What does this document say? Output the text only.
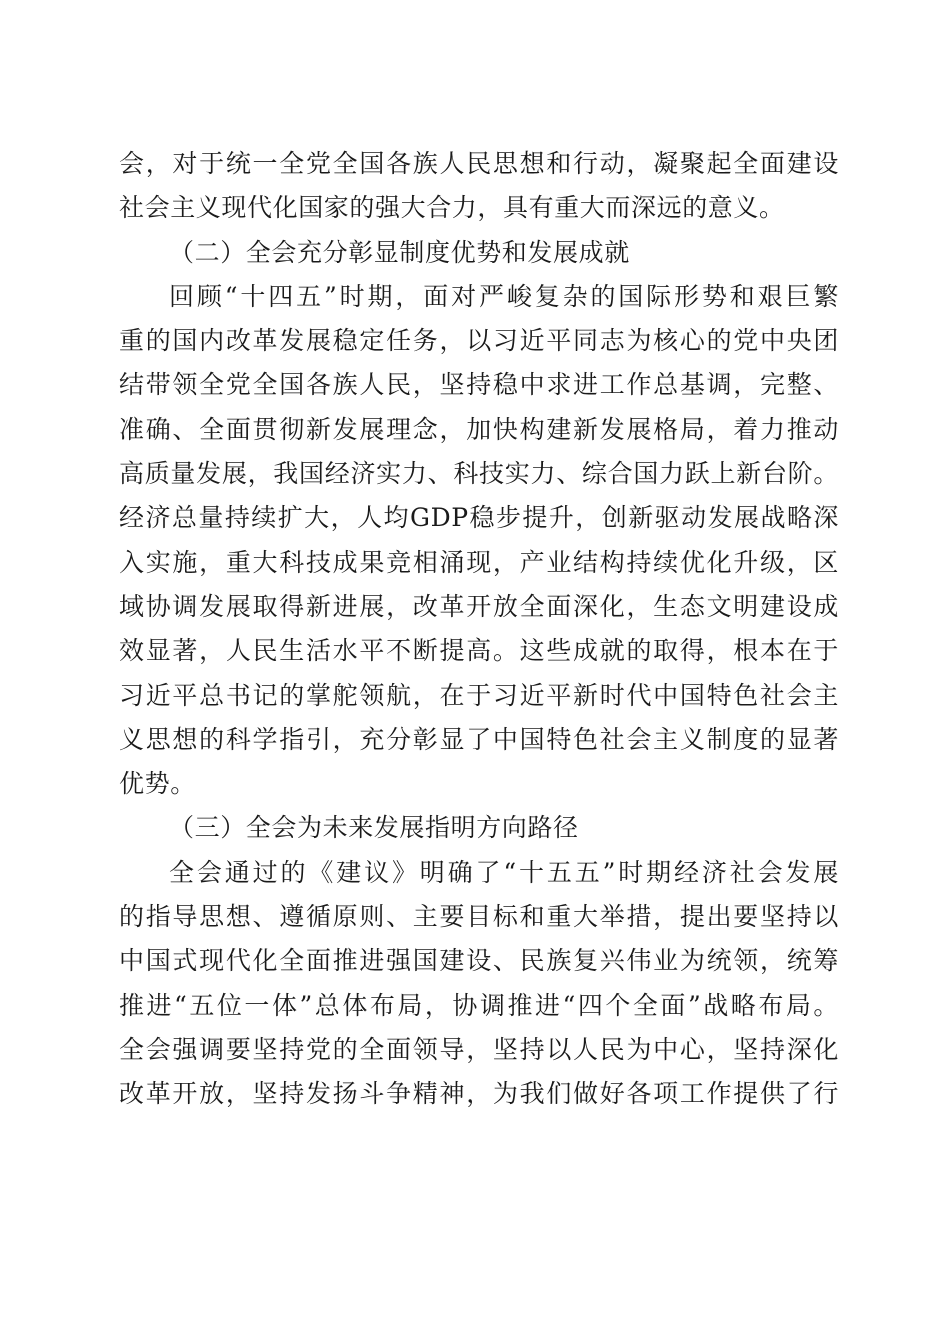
会，对于统一全党全国各族人民思想和行动，凝聚起全面建设
社会主义现代化国家的强大合力，具有重大而深远的意义。
（二）全会充分彰显制度优势和发展成就
回顾“十四五”时期，面对严峻复杂的国际形势和艰巨繁
重的国内改革发展稳定任务，以习近平同志为核心的党中央团
结带领全党全国各族人民，坚持稳中求进工作总基调，完整、
准确、全面贯彻新发展理念，加快构建新发展格局，着力推动
高质量发展，我国经济实力、科技实力、综合国力跃上新台阶。
经济总量持续扩大，人均GDP稳步提升，创新驱动发展战略深
入实施，重大科技成果竞相涌现，产业结构持续优化升级，区
域协调发展取得新进展，改革开放全面深化，生态文明建设成
效显著，人民生活水平不断提高。这些成就的取得，根本在于
习近平总书记的掌舵领航，在于习近平新时代中国特色社会主
义思想的科学指引，充分彰显了中国特色社会主义制度的显著
优势。
（三）全会为未来发展指明方向路径
全会通过的《建议》明确了“十五五”时期经济社会发展
的指导思想、遵循原则、主要目标和重大举措，提出要坚持以
中国式现代化全面推进强国建设、民族复兴伟业为统领，统筹
推进“五位一体”总体布局，协调推进“四个全面”战略布局。
全会强调要坚持党的全面领导，坚持以人民为中心，坚持深化
改革开放，坚持发扬斗争精神，为我们做好各项工作提供了行
